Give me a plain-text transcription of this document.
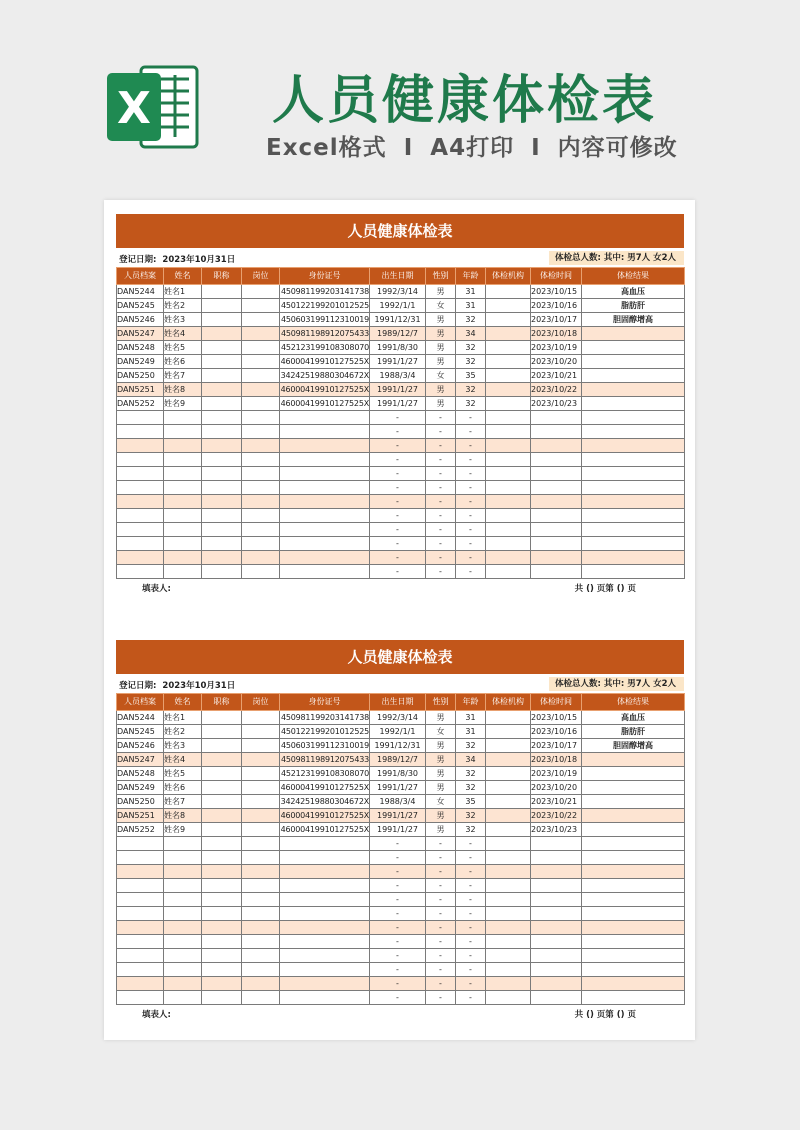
X 人员健康体检表
Excel格式 I A4打印 I 内容可修改
人员健康体检表
登记日期: 2023年10月31日	体检总人数: 其中: 男7人 女2人
人员档案	姓名	职称	岗位	身份证号	出生日期	性别	年龄	体检机构	体检时间	体检结果
DAN5244	姓名1			450981199203141738	1992/3/14	男	31		2023/10/15	高血压
DAN5245	姓名2			450122199201012525	1992/1/1	女	31		2023/10/16	脂肪肝
DAN5246	姓名3			450603199112310019	1991/12/31	男	32		2023/10/17	胆固醇增高
DAN5247	姓名4			450981198912075433	1989/12/7	男	34		2023/10/18	
DAN5248	姓名5			452123199108308070	1991/8/30	男	32		2023/10/19	
DAN5249	姓名6			46000419910127525X	1991/1/27	男	32		2023/10/20	
DAN5250	姓名7			34242519880304672X	1988/3/4	女	35		2023/10/21	
DAN5251	姓名8			46000419910127525X	1991/1/27	男	32		2023/10/22	
DAN5252	姓名9			46000419910127525X	1991/1/27	男	32		2023/10/23	
					-	-	-			
					-	-	-			
					-	-	-			
					-	-	-			
					-	-	-			
					-	-	-			
					-	-	-			
					-	-	-			
					-	-	-			
					-	-	-			
					-	-	-			
					-	-	-			
填表人:	共 () 页第 () 页
人员健康体检表
登记日期: 2023年10月31日	体检总人数: 其中: 男7人 女2人
人员档案	姓名	职称	岗位	身份证号	出生日期	性别	年龄	体检机构	体检时间	体检结果
DAN5244	姓名1			450981199203141738	1992/3/14	男	31		2023/10/15	高血压
DAN5245	姓名2			450122199201012525	1992/1/1	女	31		2023/10/16	脂肪肝
DAN5246	姓名3			450603199112310019	1991/12/31	男	32		2023/10/17	胆固醇增高
DAN5247	姓名4			450981198912075433	1989/12/7	男	34		2023/10/18	
DAN5248	姓名5			452123199108308070	1991/8/30	男	32		2023/10/19	
DAN5249	姓名6			46000419910127525X	1991/1/27	男	32		2023/10/20	
DAN5250	姓名7			34242519880304672X	1988/3/4	女	35		2023/10/21	
DAN5251	姓名8			46000419910127525X	1991/1/27	男	32		2023/10/22	
DAN5252	姓名9			46000419910127525X	1991/1/27	男	32		2023/10/23	
					-	-	-			
					-	-	-			
					-	-	-			
					-	-	-			
					-	-	-			
					-	-	-			
					-	-	-			
					-	-	-			
					-	-	-			
					-	-	-			
					-	-	-			
					-	-	-			
填表人:	共 () 页第 () 页
